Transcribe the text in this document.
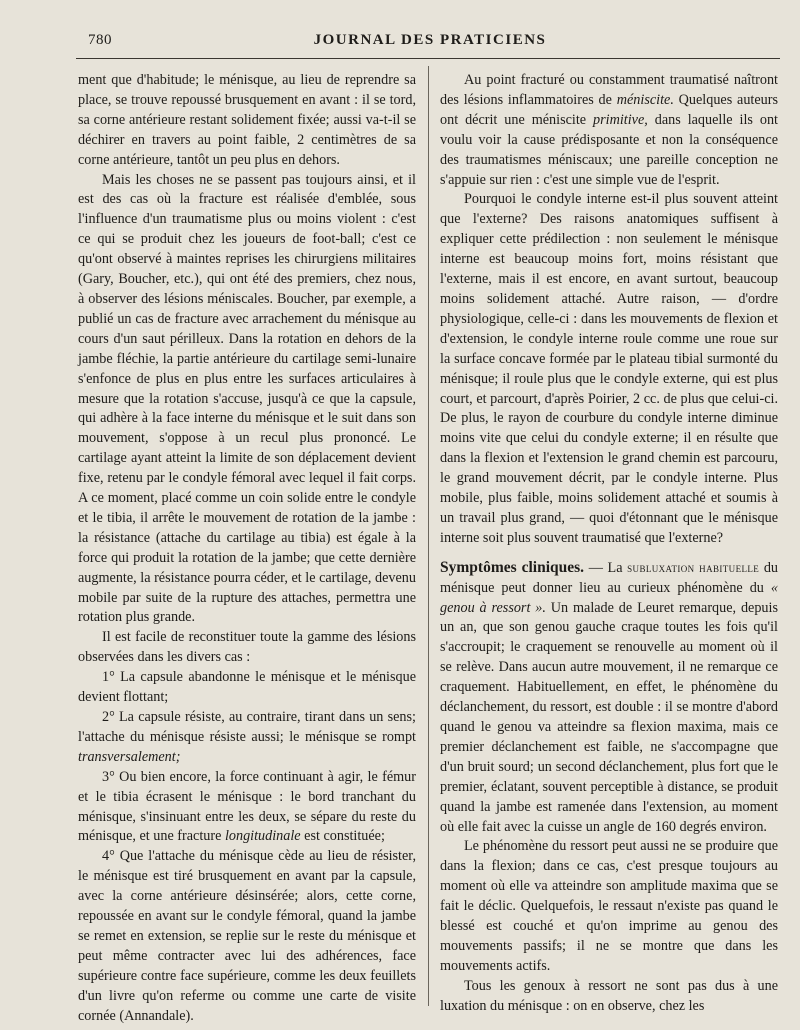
780	JOURNAL DES PRATICIENS

ment que d'habitude; le ménisque, au lieu de reprendre sa place, se trouve repoussé brusquement en avant : il se tord, sa corne antérieure restant solidement fixée; aussi va-t-il se déchirer en travers au point faible, 2 centimètres de sa corne antérieure, tantôt un peu plus en dehors.

Mais les choses ne se passent pas toujours ainsi, et il est des cas où la fracture est réalisée d'emblée, sous l'influence d'un traumatisme plus ou moins violent : c'est ce qui se produit chez les joueurs de foot-ball; c'est ce qu'ont observé à maintes reprises les chirurgiens militaires (Gary, Boucher, etc.), qui ont été des premiers, chez nous, à observer des lésions méniscales. Boucher, par exemple, a publié un cas de fracture avec arrachement du ménisque au cours d'un saut périlleux. Dans la rotation en dehors de la jambe fléchie, la partie antérieure du cartilage semi-lunaire s'enfonce de plus en plus entre les surfaces articulaires à mesure que la rotation s'accuse, jusqu'à ce que la capsule, qui adhère à la face interne du ménisque et le suit dans son mouvement, s'oppose à un recul plus prononcé. Le cartilage ayant atteint la limite de son déplacement devient fixe, retenu par le condyle fémoral avec lequel il fait corps. A ce moment, placé comme un coin solide entre le condyle et le tibia, il arrête le mouvement de rotation de la jambe : la résistance (attache du cartilage au tibia) est égale à la force qui produit la rotation de la jambe; que cette dernière augmente, la résistance pourra céder, et le cartilage, devenu mobile par suite de la rupture des attaches, permettra une rotation plus grande.

Il est facile de reconstituer toute la gamme des lésions observées dans les divers cas :

1° La capsule abandonne le ménisque et le ménisque devient flottant;

2° La capsule résiste, au contraire, tirant dans un sens; l'attache du ménisque résiste aussi; le ménisque se rompt transversalement;

3° Ou bien encore, la force continuant à agir, le fémur et le tibia écrasent le ménisque : le bord tranchant du ménisque, s'insinuant entre les deux, se sépare du reste du ménisque, et une fracture longitudinale est constituée;

4° Que l'attache du ménisque cède au lieu de résister, le ménisque est tiré brusquement en avant par la capsule, avec la corne antérieure désinsérée; alors, cette corne, repoussée en avant sur le condyle fémoral, quand la jambe se remet en extension, se replie sur le reste du ménisque et peut même contracter avec lui des adhérences, face supérieure contre face supérieure, comme les deux feuillets d'un livre qu'on referme ou comme une carte de visite cornée (Annandale).

Au point fracturé ou constamment traumatisé naîtront des lésions inflammatoires de méniscite. Quelques auteurs ont décrit une méniscite primitive, dans laquelle ils ont voulu voir la cause prédisposante et non la conséquence des traumatismes méniscaux; une pareille conception ne s'appuie sur rien : c'est une simple vue de l'esprit.

Pourquoi le condyle interne est-il plus souvent atteint que l'externe? Des raisons anatomiques suffisent à expliquer cette prédilection : non seulement le ménisque interne est beaucoup moins fort, moins résistant que l'externe, mais il est encore, en avant surtout, beaucoup moins solidement attaché. Autre raison, — d'ordre physiologique, celle-ci : dans les mouvements de flexion et d'extension, le condyle interne roule comme une roue sur la surface concave formée par le plateau tibial surmonté du ménisque; il roule plus que le condyle externe, qui est plus court, et parcourt, d'après Poirier, 2 cc. de plus que celui-ci. De plus, le rayon de courbure du condyle interne diminue moins vite que celui du condyle externe; il en résulte que dans la flexion et l'extension le grand chemin est parcouru, le grand mouvement décrit, par le condyle interne. Plus mobile, plus faible, moins solidement attaché et soumis à un travail plus grand, — quoi d'étonnant que le ménisque interne soit plus souvent traumatisé que l'externe?

Symptômes cliniques. — La subluxation habituelle du ménisque peut donner lieu au curieux phénomène du « genou à ressort ». Un malade de Leuret remarque, depuis un an, que son genou gauche craque toutes les fois qu'il s'accroupit; le craquement se renouvelle au moment où il se relève. Dans aucun autre mouvement, il ne remarque ce craquement. Habituellement, en effet, le phénomène du déclanchement, du ressort, est double : il se montre d'abord quand le genou va atteindre sa flexion maxima, mais ce premier déclanchement est faible, ne s'accompagne que d'un bruit sourd; un second déclanchement, plus fort que le premier, éclatant, souvent perceptible à distance, se produit quand la jambe est ramenée dans l'extension, au moment où elle fait avec la cuisse un angle de 160 degrés environ.

Le phénomène du ressort peut aussi ne se produire que dans la flexion; dans ce cas, c'est presque toujours au moment où elle va atteindre son amplitude maxima que se fait le déclic. Quelquefois, le ressaut n'existe pas quand le blessé est couché et qu'on imprime au genou des mouvements passifs; il ne se montre que dans les mouvements actifs.

Tous les genoux à ressort ne sont pas dus à une luxation du ménisque : on en observe, chez les
